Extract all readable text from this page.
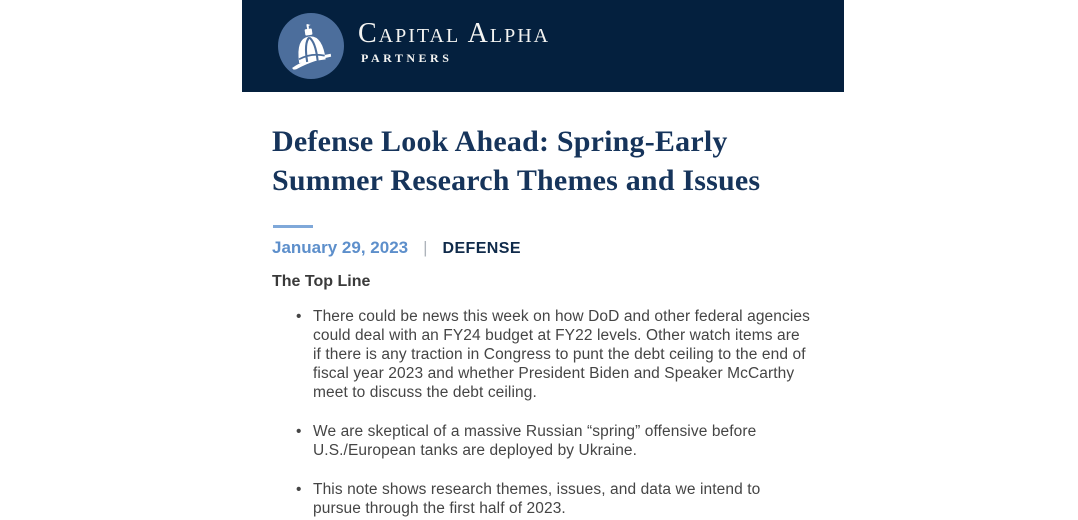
Capital Alpha
PARTNERS
Defense Look Ahead: Spring-Early
Summer Research Themes and Issues
January 29, 2023 | DEFENSE
The Top Line
• There could be news this week on how DoD and other federal agencies could deal with an FY24 budget at FY22 levels. Other watch items are if there is any traction in Congress to punt the debt ceiling to the end of fiscal year 2023 and whether President Biden and Speaker McCarthy meet to discuss the debt ceiling.
• We are skeptical of a massive Russian “spring” offensive before U.S./European tanks are deployed by Ukraine.
• This note shows research themes, issues, and data we intend to pursue through the first half of 2023.
